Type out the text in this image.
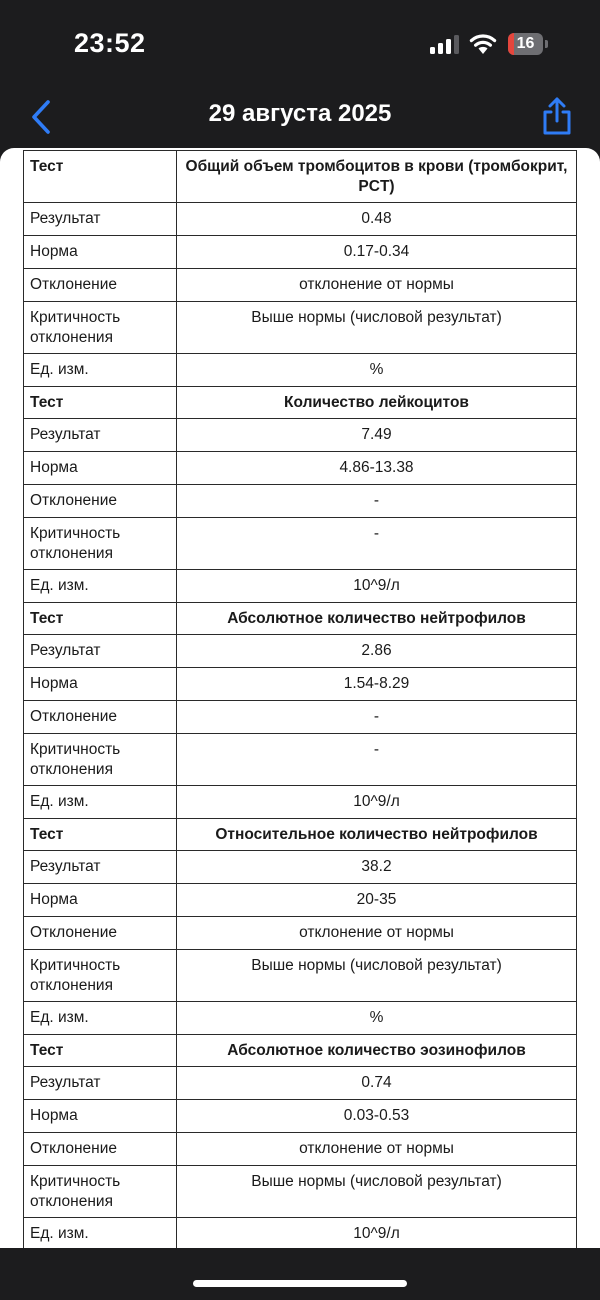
23:52	16
29 августа 2025
Тест	Общий объем тромбоцитов в крови (тромбокрит, PCT)
Результат	0.48
Норма	0.17-0.34
Отклонение	отклонение от нормы
Критичность отклонения	Выше нормы (числовой результат)
Ед. изм.	%
Тест	Количество лейкоцитов
Результат	7.49
Норма	4.86-13.38
Отклонение	-
Критичность отклонения	-
Ед. изм.	10^9/л
Тест	Абсолютное количество нейтрофилов
Результат	2.86
Норма	1.54-8.29
Отклонение	-
Критичность отклонения	-
Ед. изм.	10^9/л
Тест	Относительное количество нейтрофилов
Результат	38.2
Норма	20-35
Отклонение	отклонение от нормы
Критичность отклонения	Выше нормы (числовой результат)
Ед. изм.	%
Тест	Абсолютное количество эозинофилов
Результат	0.74
Норма	0.03-0.53
Отклонение	отклонение от нормы
Критичность отклонения	Выше нормы (числовой результат)
Ед. изм.	10^9/л
